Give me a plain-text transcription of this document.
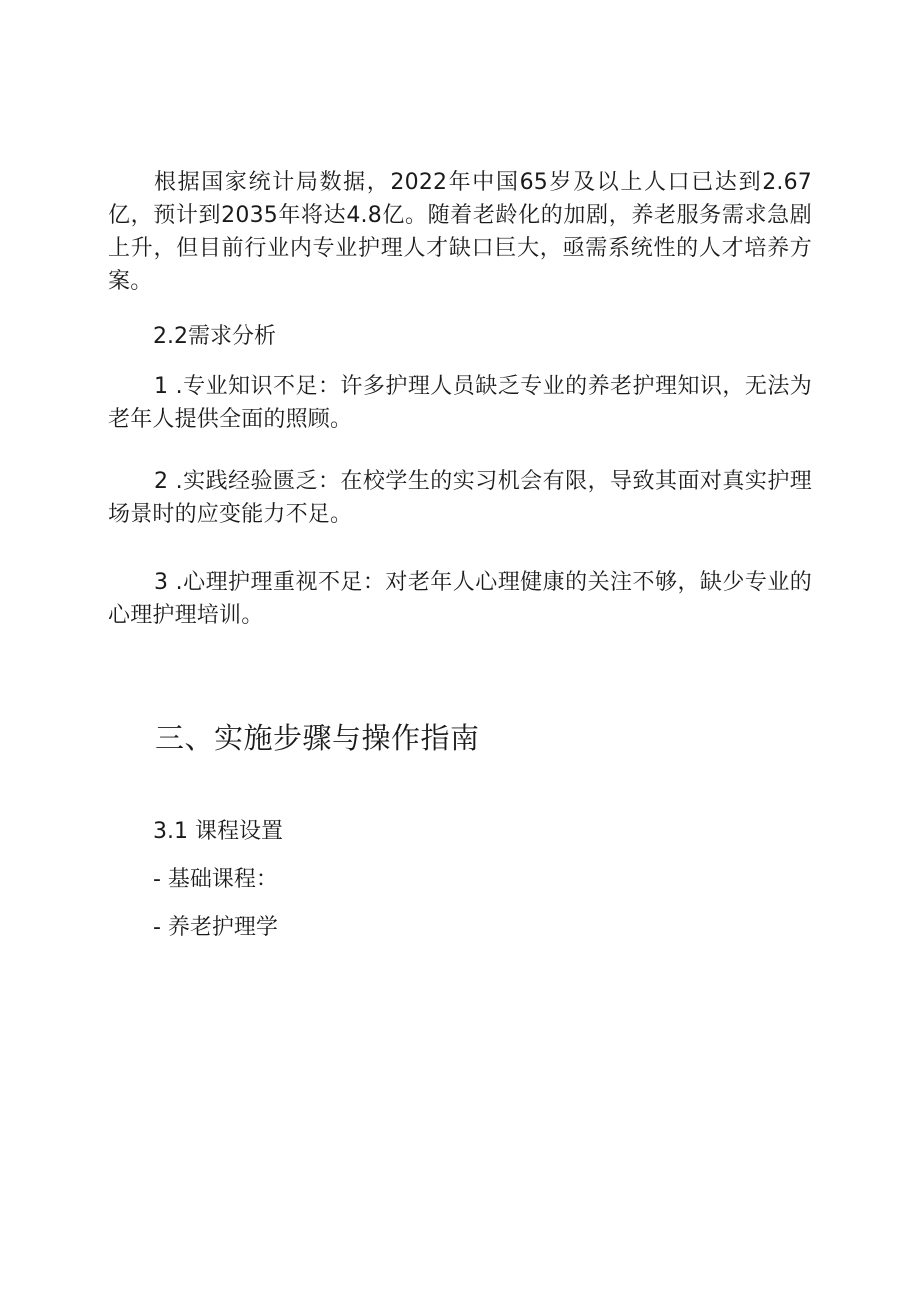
根据国家统计局数据，2022年中国65岁及以上人口已达到2.67亿，预计到2035年将达4.8亿。随着老龄化的加剧，养老服务需求急剧上升，但目前行业内专业护理人才缺口巨大，亟需系统性的人才培养方案。

2.2需求分析

1 .专业知识不足：许多护理人员缺乏专业的养老护理知识，无法为老年人提供全面的照顾。

2 .实践经验匮乏：在校学生的实习机会有限，导致其面对真实护理场景时的应变能力不足。

3 .心理护理重视不足：对老年人心理健康的关注不够，缺少专业的心理护理培训。

三、实施步骤与操作指南

3.1 课程设置

- 基础课程：

- 养老护理学
